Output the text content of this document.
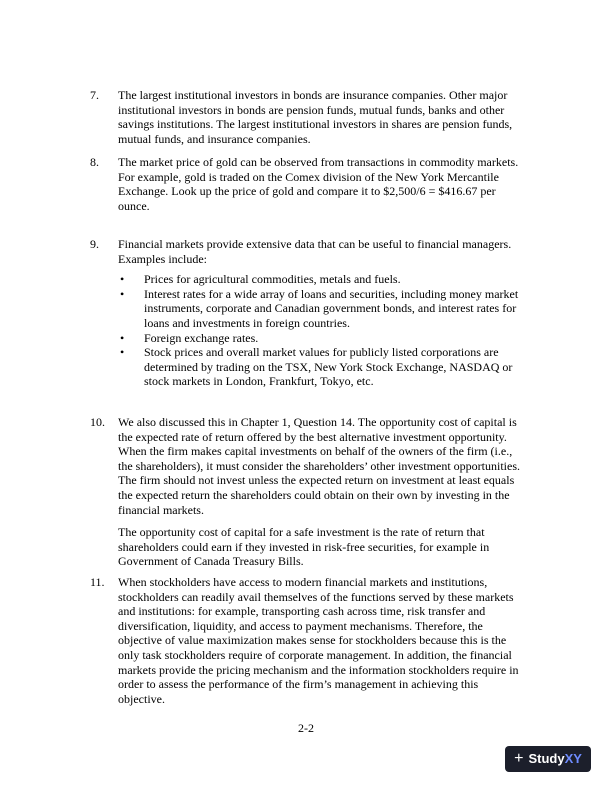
7. The largest institutional investors in bonds are insurance companies. Other major institutional investors in bonds are pension funds, mutual funds, banks and other savings institutions. The largest institutional investors in shares are pension funds, mutual funds, and insurance companies.

8. The market price of gold can be observed from transactions in commodity markets. For example, gold is traded on the Comex division of the New York Mercantile Exchange. Look up the price of gold and compare it to $2,500/6 = $416.67 per ounce.

9. Financial markets provide extensive data that can be useful to financial managers. Examples include:

• Prices for agricultural commodities, metals and fuels.
• Interest rates for a wide array of loans and securities, including money market instruments, corporate and Canadian government bonds, and interest rates for loans and investments in foreign countries.
• Foreign exchange rates.
• Stock prices and overall market values for publicly listed corporations are determined by trading on the TSX, New York Stock Exchange, NASDAQ or stock markets in London, Frankfurt, Tokyo, etc.
10. We also discussed this in Chapter 1, Question 14. The opportunity cost of capital is the expected rate of return offered by the best alternative investment opportunity. When the firm makes capital investments on behalf of the owners of the firm (i.e., the shareholders), it must consider the shareholders’ other investment opportunities. The firm should not invest unless the expected return on investment at least equals the expected return the shareholders could obtain on their own by investing in the financial markets.

The opportunity cost of capital for a safe investment is the rate of return that shareholders could earn if they invested in risk-free securities, for example in Government of Canada Treasury Bills.

11. When stockholders have access to modern financial markets and institutions, stockholders can readily avail themselves of the functions served by these markets and institutions: for example, transporting cash across time, risk transfer and diversification, liquidity, and access to payment mechanisms. Therefore, the objective of value maximization makes sense for stockholders because this is the only task stockholders require of corporate management. In addition, the financial markets provide the pricing mechanism and the information stockholders require in order to assess the performance of the firm’s management in achieving this objective.

2-2
+ Study XY
